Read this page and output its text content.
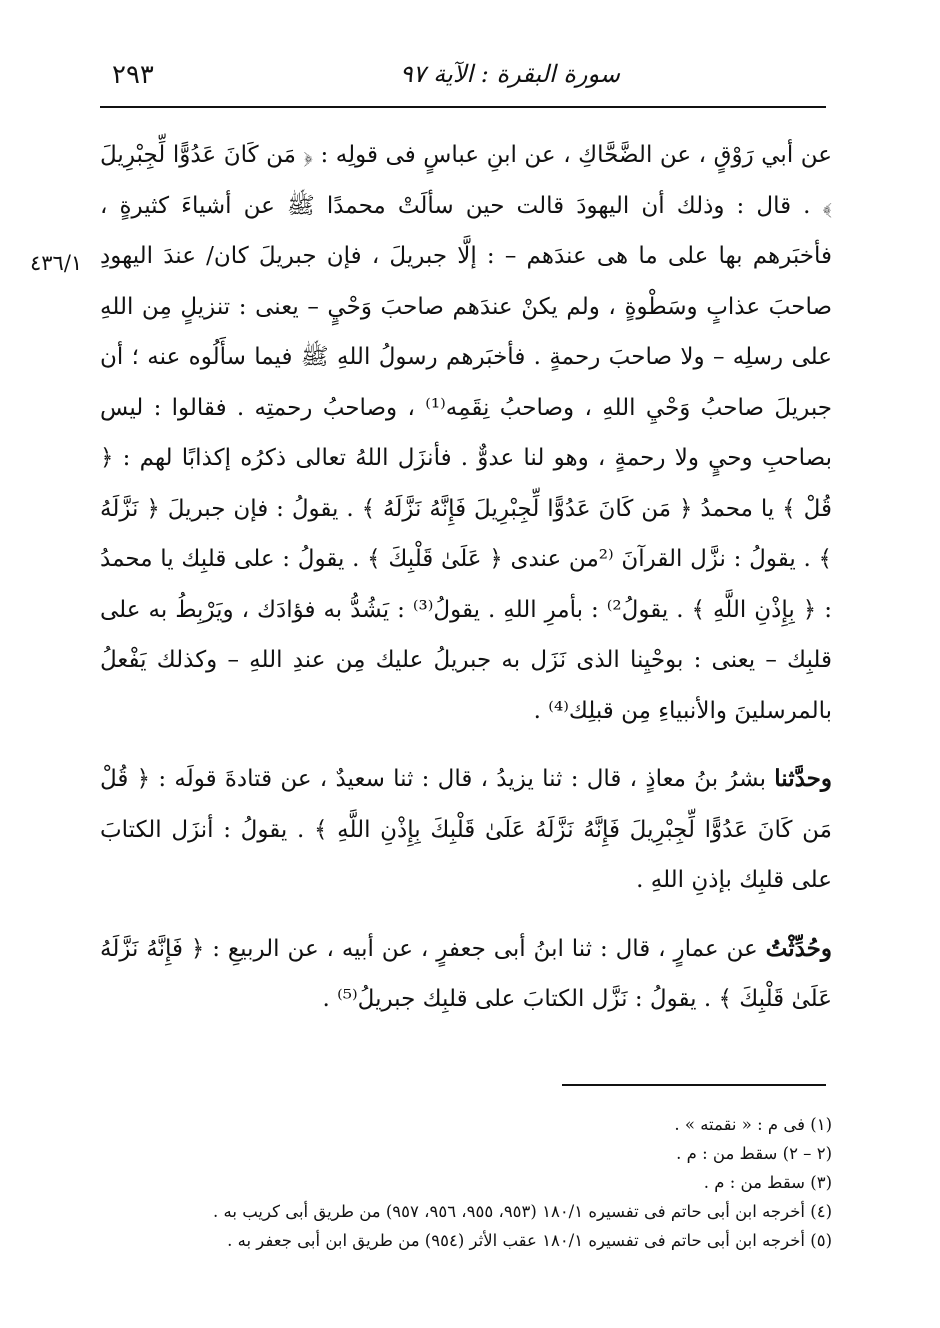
٢٩٣	سورة البقرة : الآية ٩٧
٤٣٦/١

عن أبي رَوْقٍ ، عن الضَّحَّاكِ ، عن ابنِ عباسٍ فى قولِه : ﴿ مَن كَانَ عَدُوًّا لِّجِبْرِيلَ ﴾ . قال : وذلك أن اليهودَ قالت حين سألَتْ محمدًا ﷺ عن أشياءَ كثيرةٍ ، فأخبَرهم بها على ما هى عندَهم – : إلَّا جبريلَ ، فإن جبريلَ كان/ عندَ اليهودِ صاحبَ عذابٍ وسَطْوةٍ ، ولم يكنْ عندَهم صاحبَ وَحْيٍ – يعنى : تنزيلٍ مِن اللهِ على رسلِه – ولا صاحبَ رحمةٍ . فأخبَرهم رسولُ اللهِ ﷺ فيما سأَلُوه عنه ؛ أن جبريلَ صاحبُ وَحْيِ اللهِ ، وصاحبُ نِقَمِه⁽¹⁾ ، وصاحبُ رحمتِه . فقالوا : ليس بصاحبِ وحيٍ ولا رحمةٍ ، وهو لنا عدوٌّ . فأنزَل اللهُ تعالى ذكرُه إكذابًا لهم : ﴿ قُلْ ﴾ يا محمدُ ﴿ مَن كَانَ عَدُوًّا لِّجِبْرِيلَ فَإِنَّهُ نَزَّلَهُ ﴾ . يقولُ : فإن جبريلَ ﴿ نَزَّلَهُ ﴾ . يقولُ : نزَّل القرآنَ ⁽²من عندى ﴿ عَلَىٰ قَلْبِكَ ﴾ . يقولُ : على قلبِك يا محمدُ : ﴿ بِإِذْنِ اللَّهِ ﴾ . يقولُ²⁾ : بأمرِ اللهِ . يقولُ⁽³⁾ : يَشُدُّ به فؤادَك ، ويَرْبِطُ به على قلبِك – يعنى : بوحْيِنا الذى نَزَل به جبريلُ عليك مِن عندِ اللهِ – وكذلك يَفْعلُ بالمرسلينَ والأنبياءِ مِن قبلِك⁽⁴⁾ .

وحدَّثنا بشرُ بنُ معاذٍ ، قال : ثنا يزيدُ ، قال : ثنا سعيدٌ ، عن قتادةَ قولَه : ﴿ قُلْ مَن كَانَ عَدُوًّا لِّجِبْرِيلَ فَإِنَّهُ نَزَّلَهُ عَلَىٰ قَلْبِكَ بِإِذْنِ اللَّهِ ﴾ . يقولُ : أنزَل الكتابَ على قلبِك بإذنِ اللهِ .

وحُدِّثْتُ عن عمارٍ ، قال : ثنا ابنُ أبى جعفرٍ ، عن أبيه ، عن الربيعِ : ﴿ فَإِنَّهُ نَزَّلَهُ عَلَىٰ قَلْبِكَ ﴾ . يقولُ : نَزَّل الكتابَ على قلبِك جبريلُ⁽⁵⁾ .

(١) فى م : « نقمته » .

(٢ – ٢) سقط من : م .

(٣) سقط من : م .

(٤) أخرجه ابن أبى حاتم فى تفسيره ١٨٠/١ (٩٥٣، ٩٥٥، ٩٥٦، ٩٥٧) من طريق أبى كريب به .

(٥) أخرجه ابن أبى حاتم فى تفسيره ١٨٠/١ عقب الأثر (٩٥٤) من طريق ابن أبى جعفر به .
